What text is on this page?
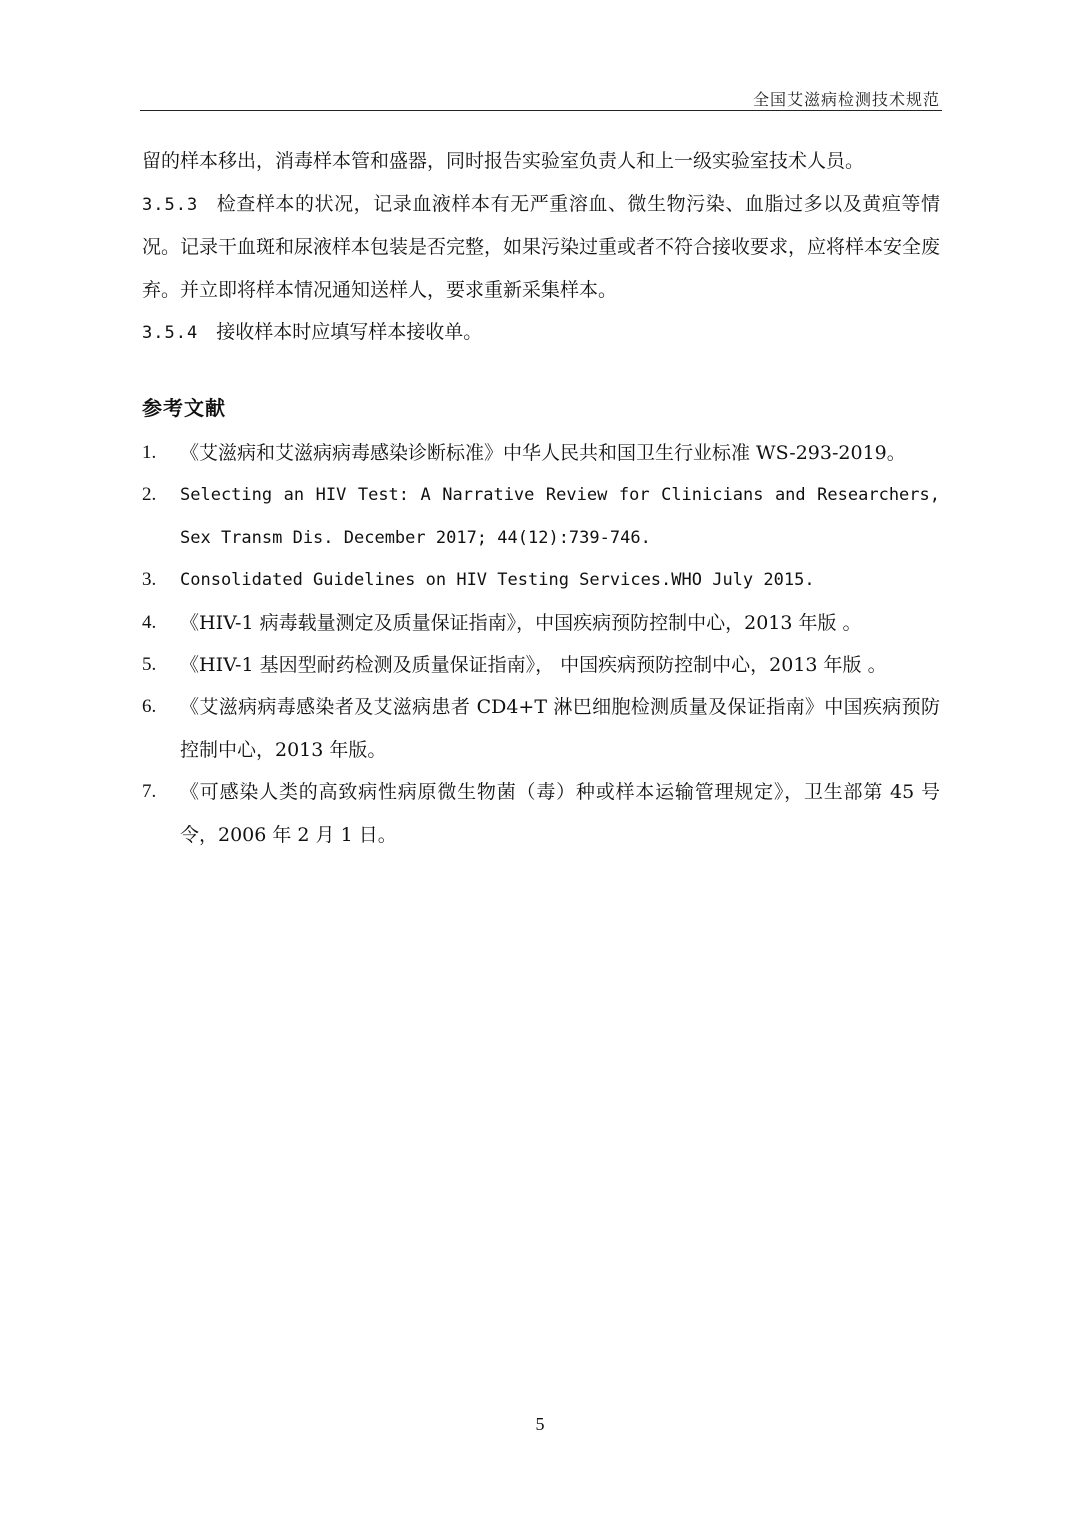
全国艾滋病检测技术规范

留的样本移出，消毒样本管和盛器，同时报告实验室负责人和上一级实验室技术人员。

3.5.3 检查样本的状况，记录血液样本有无严重溶血、微生物污染、血脂过多以及黄疸等情况。记录干血斑和尿液样本包装是否完整，如果污染过重或者不符合接收要求，应将样本安全废弃。并立即将样本情况通知送样人，要求重新采集样本。

3.5.4 接收样本时应填写样本接收单。

参考文献
1.	《艾滋病和艾滋病病毒感染诊断标准》中华人民共和国卫生行业标准 WS-293-2019。
2.	Selecting an HIV Test: A Narrative Review for Clinicians and Researchers, Sex Transm Dis. December 2017; 44(12):739-746.
3.	Consolidated Guidelines on HIV Testing Services.WHO July 2015.
4.	《HIV-1 病毒载量测定及质量保证指南》，中国疾病预防控制中心，2013 年版 。
5.	《HIV-1 基因型耐药检测及质量保证指南》， 中国疾病预防控制中心，2013 年版 。
6.	《艾滋病病毒感染者及艾滋病患者 CD4+T 淋巴细胞检测质量及保证指南》中国疾病预防控制中心，2013 年版。
7.	《可感染人类的高致病性病原微生物菌（毒）种或样本运输管理规定》，卫生部第 45 号令，2006 年 2 月 1 日。
5
